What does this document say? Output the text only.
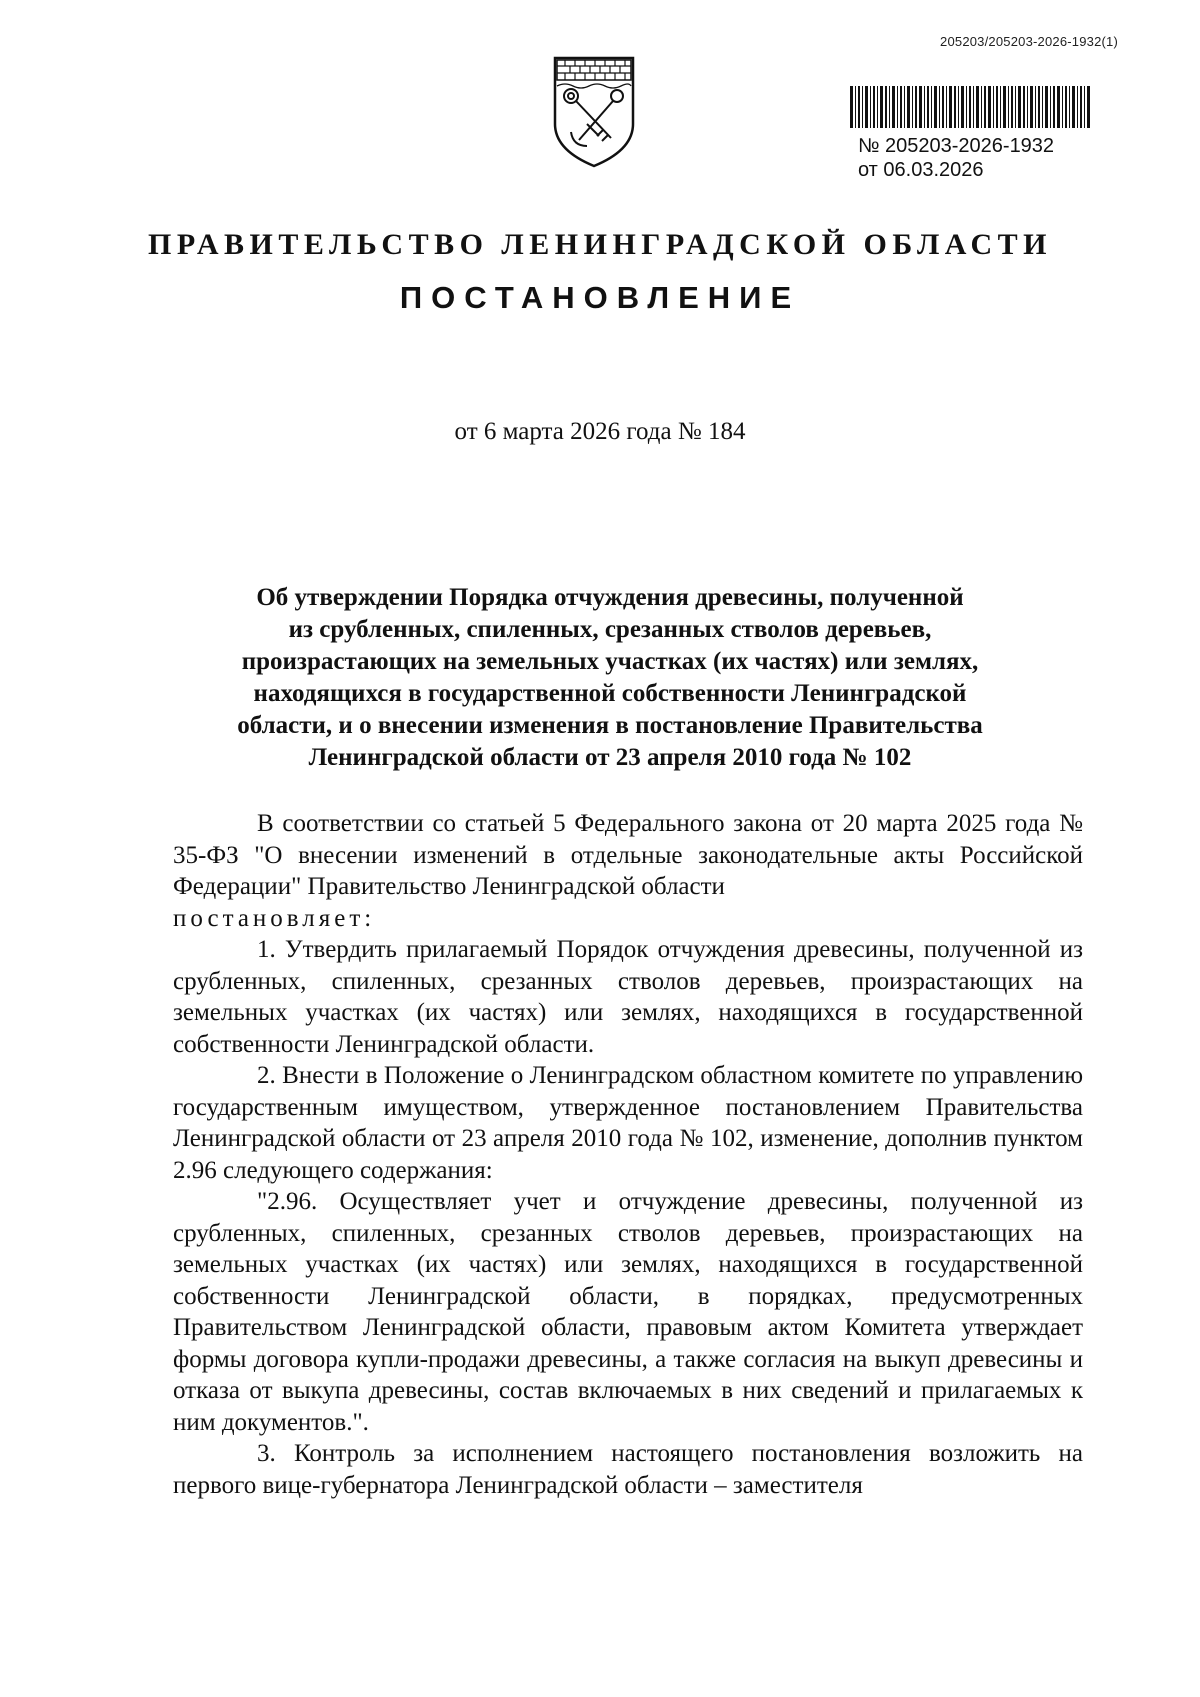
205203/205203-2026-1932(1)
№ 205203-2026-1932
от 06.03.2026
ПРАВИТЕЛЬСТВО ЛЕНИНГРАДСКОЙ ОБЛАСТИ
ПОСТАНОВЛЕНИЕ
от 6 марта 2026 года № 184
Об утверждении Порядка отчуждения древесины, полученной
из срубленных, спиленных, срезанных стволов деревьев,
произрастающих на земельных участках (их частях) или землях,
находящихся в государственной собственности Ленинградской
области, и о внесении изменения в постановление Правительства
Ленинградской области от 23 апреля 2010 года № 102

В соответствии со статьей 5 Федерального закона от 20 марта 2025 года № 35-ФЗ "О внесении изменений в отдельные законодательные акты Российской Федерации" Правительство Ленинградской области

постановляет:

1. Утвердить прилагаемый Порядок отчуждения древесины, полученной из срубленных, спиленных, срезанных стволов деревьев, произрастающих на земельных участках (их частях) или землях, находящихся в государственной собственности Ленинградской области.

2. Внести в Положение о Ленинградском областном комитете по управлению государственным имуществом, утвержденное постановлением Правительства Ленинградской области от 23 апреля 2010 года № 102, изменение, дополнив пунктом 2.96 следующего содержания:

"2.96. Осуществляет учет и отчуждение древесины, полученной из срубленных, спиленных, срезанных стволов деревьев, произрастающих на земельных участках (их частях) или землях, находящихся в государственной собственности Ленинградской области, в порядках, предусмотренных Правительством Ленинградской области, правовым актом Комитета утверждает формы договора купли-продажи древесины, а также согласия на выкуп древесины и отказа от выкупа древесины, состав включаемых в них сведений и прилагаемых к ним документов.".

3. Контроль за исполнением настоящего постановления возложить на первого вице-губернатора Ленинградской области – заместителя
